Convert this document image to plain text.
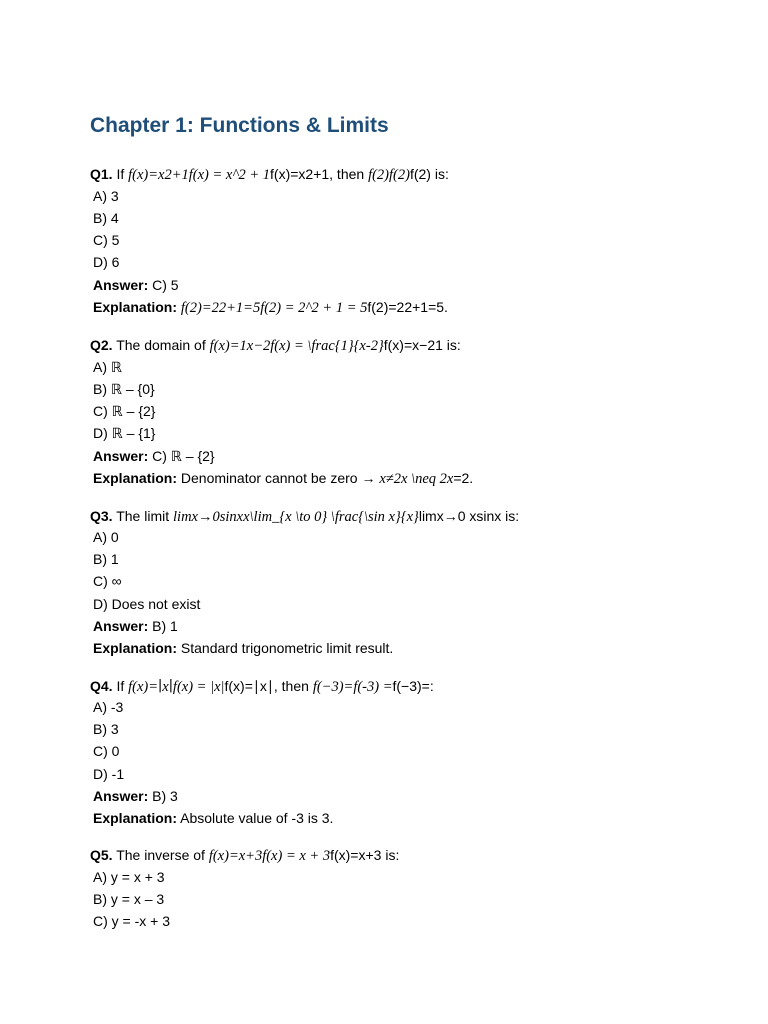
Chapter 1: Functions & Limits
Q1. If f(x)=x2+1f(x) = x^2 + 1f(x)=x2+1, then f(2)f(2)f(2) is:
A) 3
B) 4
C) 5
D) 6
Answer: C) 5
Explanation: f(2)=22+1=5f(2) = 2^2 + 1 = 5f(2)=22+1=5.
Q2. The domain of f(x)=1x−2f(x) = \frac{1}{x-2}f(x)=x−21 is:
A) ℝ
B) ℝ – {0}
C) ℝ – {2}
D) ℝ – {1}
Answer: C) ℝ – {2}
Explanation: Denominator cannot be zero → x≠2x \neq 2x=2.
Q3. The limit lim⁡x→0sin⁡xx\lim_{x \to 0} \frac{\sin x}{x}limx→0 xsinx is:
A) 0
B) 1
C) ∞
D) Does not exist
Answer: B) 1
Explanation: Standard trigonometric limit result.
Q4. If f(x)=∣x∣f(x) = |x|f(x)=∣x∣, then f(−3)=f(-3) =f(−3)=:
A) -3
B) 3
C) 0
D) -1
Answer: B) 3
Explanation: Absolute value of -3 is 3.
Q5. The inverse of f(x)=x+3f(x) = x + 3f(x)=x+3 is:
A) y = x + 3
B) y = x – 3
C) y = -x + 3
